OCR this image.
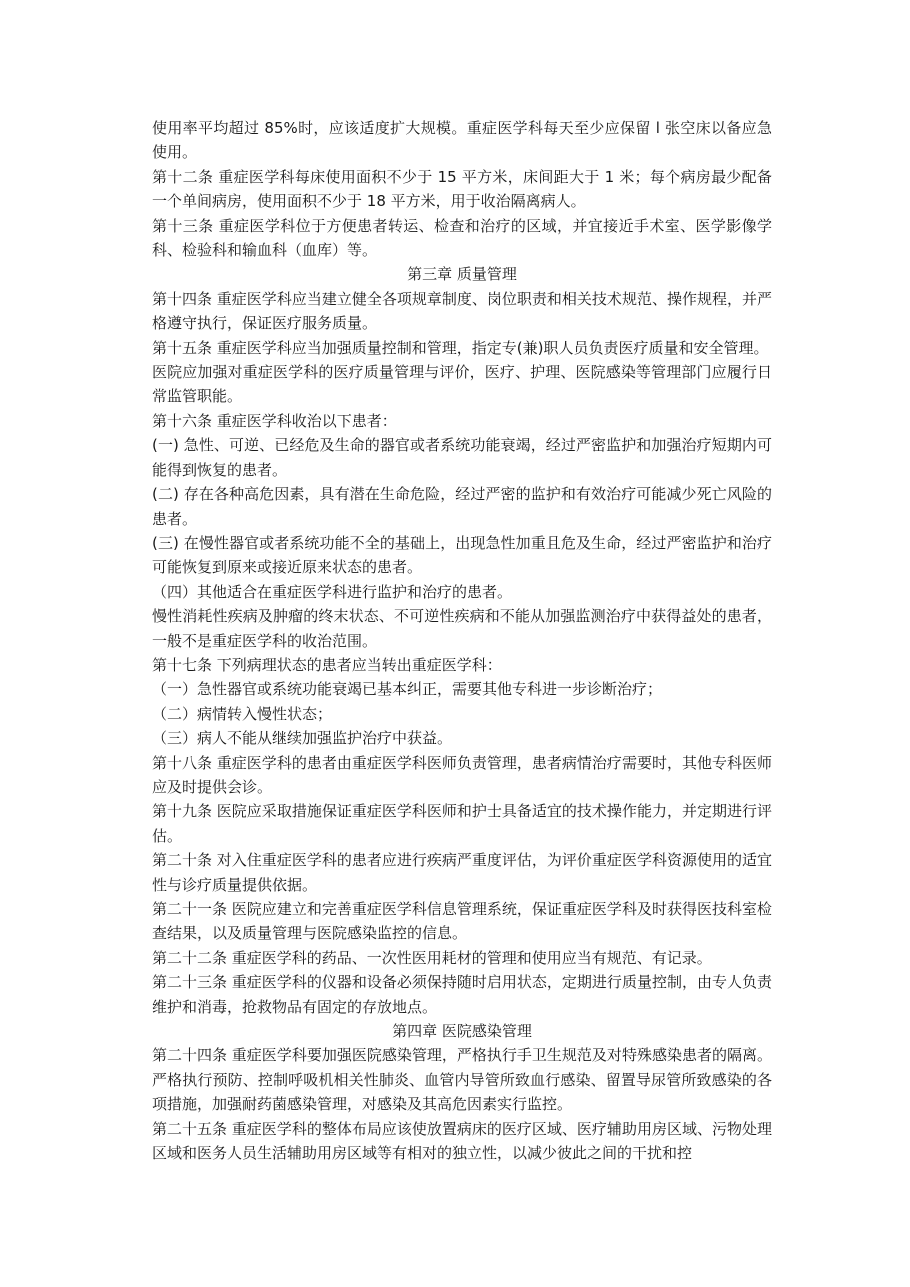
使用率平均超过 85%时，应该适度扩大规模。重症医学科每天至少应保留 l 张空床以备应急使用。

第十二条 重症医学科每床使用面积不少于 15 平方米，床间距大于 1 米；每个病房最少配备一个单间病房，使用面积不少于 18 平方米，用于收治隔离病人。

第十三条 重症医学科位于方便患者转运、检查和治疗的区域，并宜接近手术室、医学影像学科、检验科和输血科（血库）等。

第三章 质量管理

第十四条 重症医学科应当建立健全各项规章制度、岗位职责和相关技术规范、操作规程，并严格遵守执行，保证医疗服务质量。

第十五条 重症医学科应当加强质量控制和管理，指定专(兼)职人员负责医疗质量和安全管理。

医院应加强对重症医学科的医疗质量管理与评价，医疗、护理、医院感染等管理部门应履行日常监管职能。

第十六条 重症医学科收治以下患者：

(一) 急性、可逆、已经危及生命的器官或者系统功能衰竭，经过严密监护和加强治疗短期内可能得到恢复的患者。

(二) 存在各种高危因素，具有潜在生命危险，经过严密的监护和有效治疗可能减少死亡风险的患者。

(三) 在慢性器官或者系统功能不全的基础上，出现急性加重且危及生命，经过严密监护和治疗可能恢复到原来或接近原来状态的患者。

（四）其他适合在重症医学科进行监护和治疗的患者。

慢性消耗性疾病及肿瘤的终末状态、不可逆性疾病和不能从加强监测治疗中获得益处的患者，一般不是重症医学科的收治范围。

第十七条 下列病理状态的患者应当转出重症医学科：

（一）急性器官或系统功能衰竭已基本纠正，需要其他专科进一步诊断治疗；

（二）病情转入慢性状态；

（三）病人不能从继续加强监护治疗中获益。

第十八条 重症医学科的患者由重症医学科医师负责管理，患者病情治疗需要时，其他专科医师应及时提供会诊。

第十九条 医院应采取措施保证重症医学科医师和护士具备适宜的技术操作能力，并定期进行评估。

第二十条 对入住重症医学科的患者应进行疾病严重度评估，为评价重症医学科资源使用的适宜性与诊疗质量提供依据。

第二十一条 医院应建立和完善重症医学科信息管理系统，保证重症医学科及时获得医技科室检查结果，以及质量管理与医院感染监控的信息。

第二十二条 重症医学科的药品、一次性医用耗材的管理和使用应当有规范、有记录。

第二十三条 重症医学科的仪器和设备必须保持随时启用状态，定期进行质量控制，由专人负责维护和消毒，抢救物品有固定的存放地点。

第四章 医院感染管理

第二十四条 重症医学科要加强医院感染管理，严格执行手卫生规范及对特殊感染患者的隔离。严格执行预防、控制呼吸机相关性肺炎、血管内导管所致血行感染、留置导尿管所致感染的各项措施，加强耐药菌感染管理，对感染及其高危因素实行监控。

第二十五条 重症医学科的整体布局应该使放置病床的医疗区域、医疗辅助用房区域、污物处理区域和医务人员生活辅助用房区域等有相对的独立性，以减少彼此之间的干扰和控
